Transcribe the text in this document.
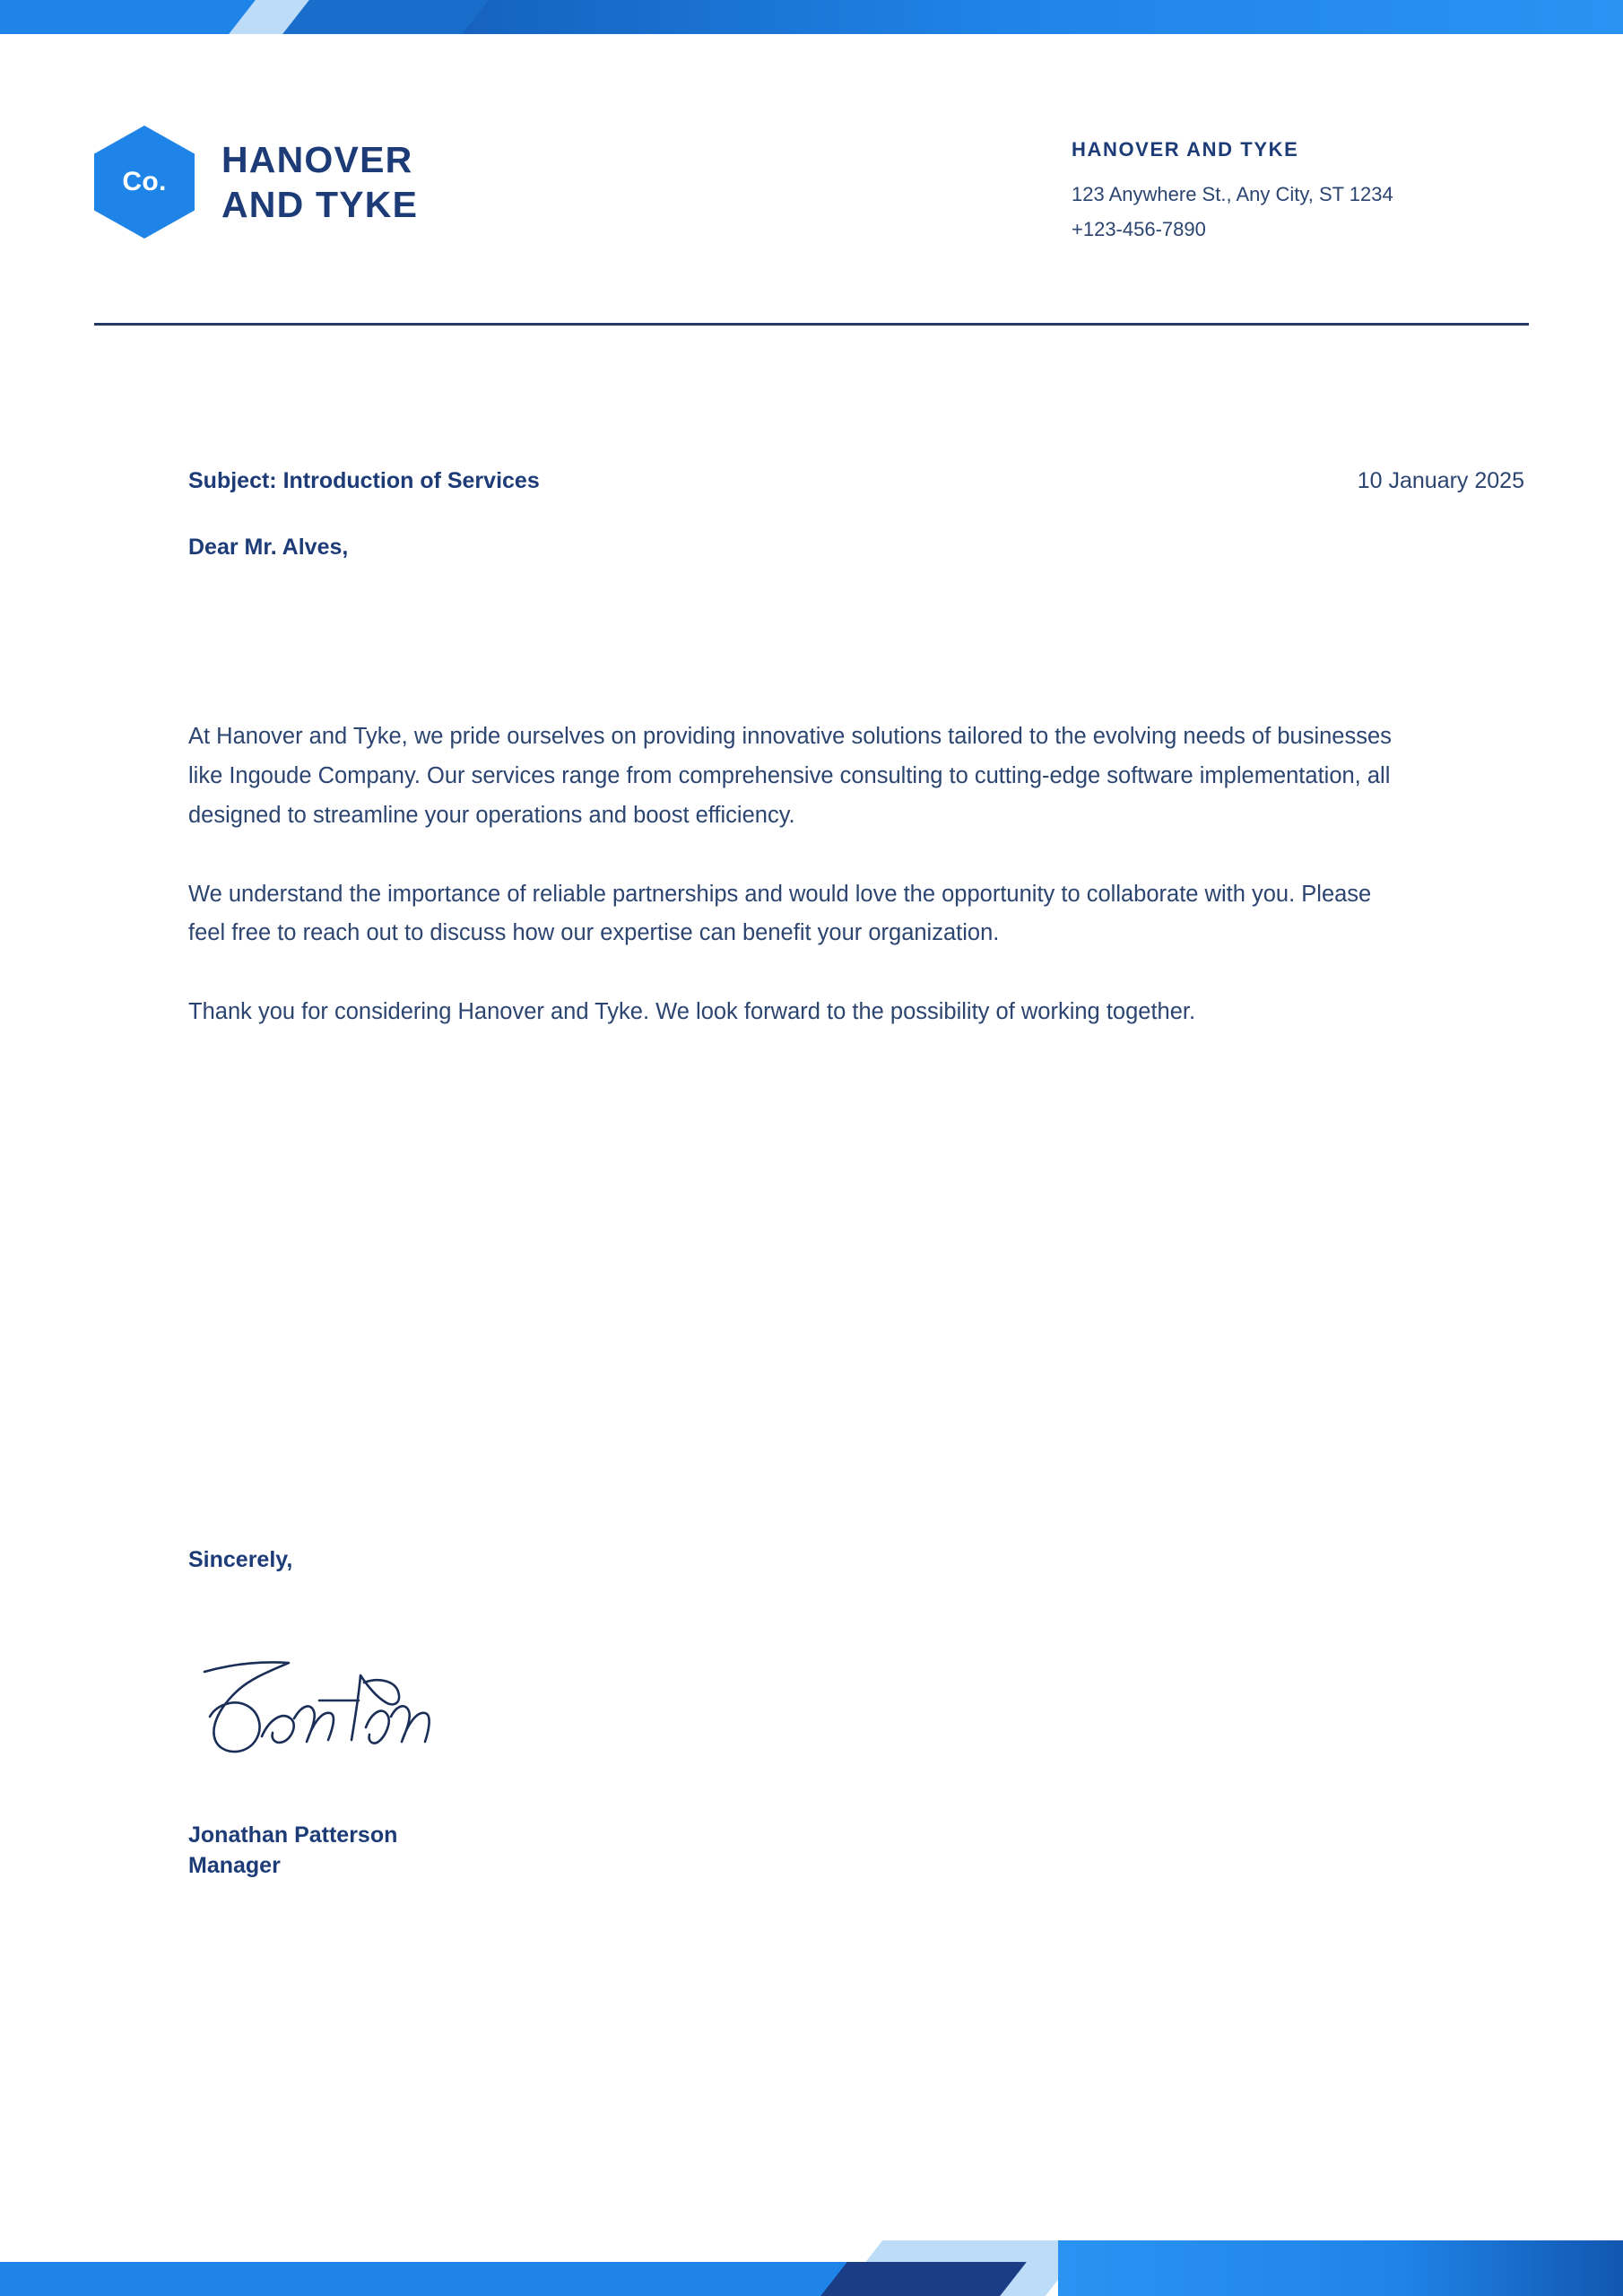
Co.
HANOVER
AND TYKE
HANOVER AND TYKE
123 Anywhere St., Any City, ST 1234
+123-456-7890
Subject: Introduction of Services	10 January 2025
Dear Mr. Alves,

At Hanover and Tyke, we pride ourselves on providing innovative solutions tailored to the evolving needs of businesses like Ingoude Company. Our services range from comprehensive consulting to cutting-edge software implementation, all designed to streamline your operations and boost efficiency.

We understand the importance of reliable partnerships and would love the opportunity to collaborate with you. Please feel free to reach out to discuss how our expertise can benefit your organization.

Thank you for considering Hanover and Tyke. We look forward to the possibility of working together.

Sincerely,
Jonathan Patterson
Manager
